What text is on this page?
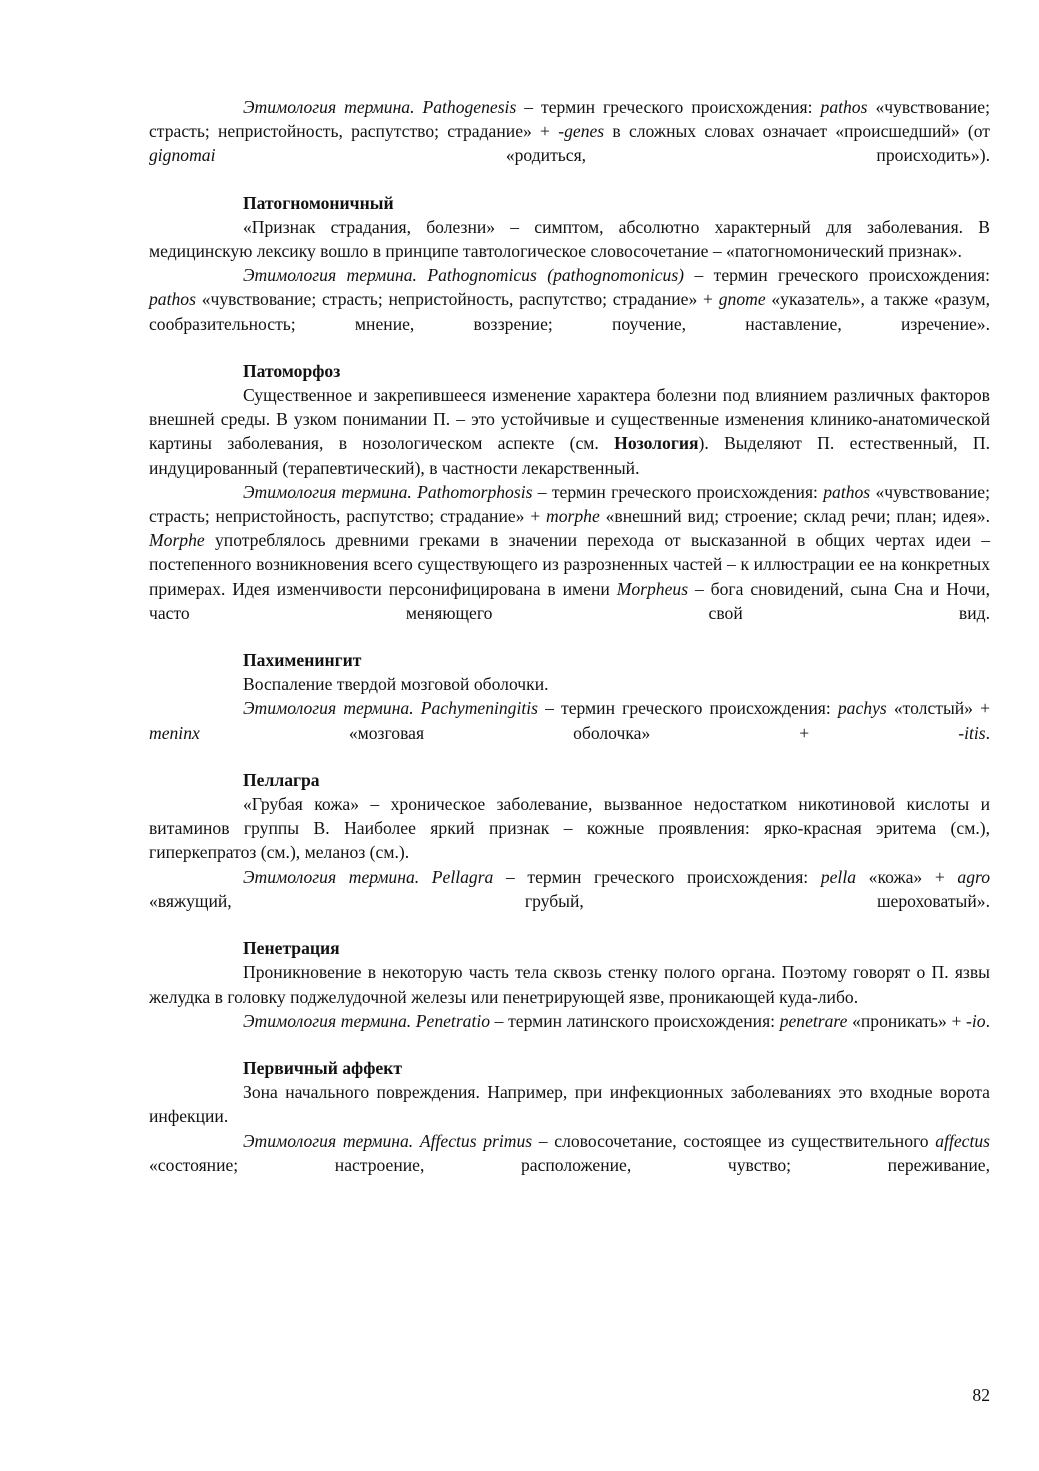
Этимология термина. Pathogenesis – термин греческого происхождения: pathos «чувствование; страсть; непристойность, распутство; страдание» + -genes в сложных словах означает «происшедший» (от gignomai «родиться, происходить»).

Патогномоничный

«Признак страдания, болезни» – симптом, абсолютно характерный для заболевания. В медицинскую лексику вошло в принципе тавтологическое словосочетание – «патогномонический признак».

Этимология термина. Pathognomicus (pathognomonicus) – термин греческого происхождения: pathos «чувствование; страсть; непристойность, распутство; страдание» + gnome «указатель», а также «разум, сообразительность; мнение, воззрение; поучение, наставление, изречение».

Патоморфоз

Существенное и закрепившееся изменение характера болезни под влиянием различных факторов внешней среды. В узком понимании П. – это устойчивые и существенные изменения клинико-анатомической картины заболевания, в нозологическом аспекте (см. Нозология). Выделяют П. естественный, П. индуцированный (терапевтический), в частности лекарственный.

Этимология термина. Pathomorphosis – термин греческого происхождения: pathos «чувствование; страсть; непристойность, распутство; страдание» + morphe «внешний вид; строение; склад речи; план; идея». Morphe употреблялось древними греками в значении перехода от высказанной в общих чертах идеи – постепенного возникновения всего существующего из разрозненных частей – к иллюстрации ее на конкретных примерах. Идея изменчивости персонифицирована в имени Morpheus – бога сновидений, сына Сна и Ночи, часто меняющего свой вид.

Пахименингит

Воспаление твердой мозговой оболочки.

Этимология термина. Pachymeningitis – термин греческого происхождения: pachys «толстый» + meninx «мозговая оболочка» + -itis.

Пеллагра

«Грубая кожа» – хроническое заболевание, вызванное недостатком никотиновой кислоты и витаминов группы В. Наиболее яркий признак – кожные проявления: ярко-красная эритема (см.), гиперкепратоз (см.), меланоз (см.).

Этимология термина. Pellagra – термин греческого происхождения: pella «кожа» + agro «вяжущий, грубый, шероховатый».

Пенетрация

Проникновение в некоторую часть тела сквозь стенку полого органа. Поэтому говорят о П. язвы желудка в головку поджелудочной железы или пенетрирующей язве, проникающей куда-либо.

Этимология термина. Penetratio – термин латинского происхождения: penetrare «проникать» + -io.

Первичный аффект

Зона начального повреждения. Например, при инфекционных заболеваниях это входные ворота инфекции.

Этимология термина. Affectus primus – словосочетание, состоящее из существительного affectus «состояние; настроение, расположение, чувство; переживание,

82
